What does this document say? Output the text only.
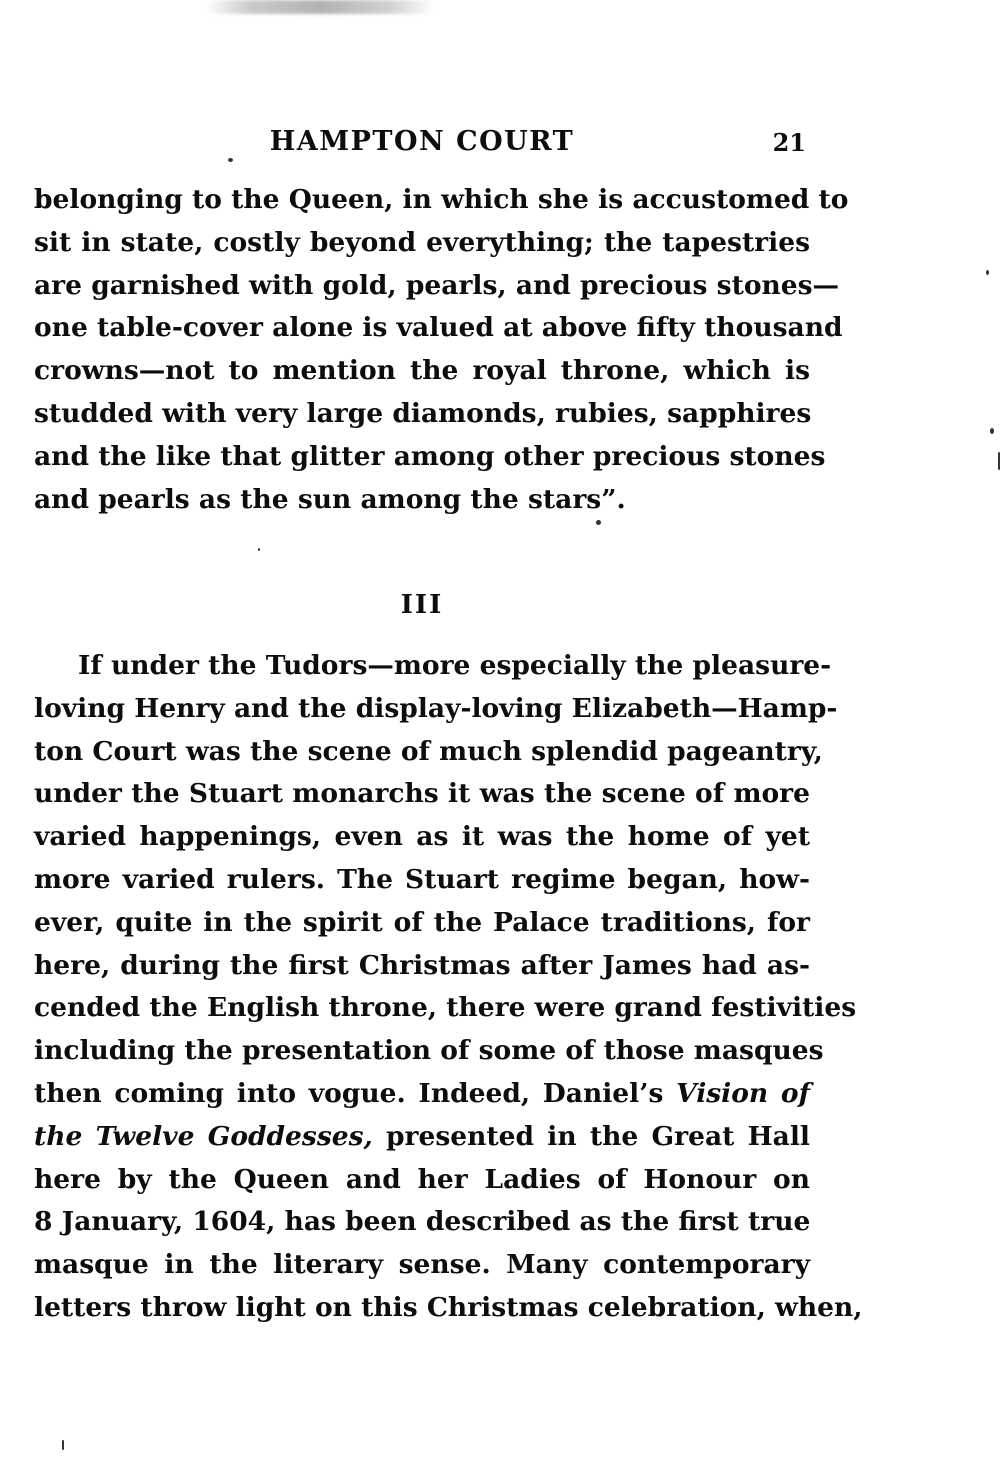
HAMPTON COURT	21
belonging to the Queen, in which she is accustomed to
sit in state, costly beyond everything; the tapestries
are garnished with gold, pearls, and precious stones—
one table-cover alone is valued at above fifty thousand
crowns—not to mention the royal throne, which is
studded with very large diamonds, rubies, sapphires
and the like that glitter among other precious stones
and pearls as the sun among the stars”.
III
If under the Tudors—more especially the pleasure-
loving Henry and the display-loving Elizabeth—Hamp-
ton Court was the scene of much splendid pageantry,
under the Stuart monarchs it was the scene of more
varied happenings, even as it was the home of yet
more varied rulers. The Stuart regime began, how-
ever, quite in the spirit of the Palace traditions, for
here, during the first Christmas after James had as-
cended the English throne, there were grand festivities
including the presentation of some of those masques
then coming into vogue. Indeed, Daniel’s Vision of
the Twelve Goddesses, presented in the Great Hall
here by the Queen and her Ladies of Honour on
8 January, 1604, has been described as the first true
masque in the literary sense. Many contemporary
letters throw light on this Christmas celebration, when,
